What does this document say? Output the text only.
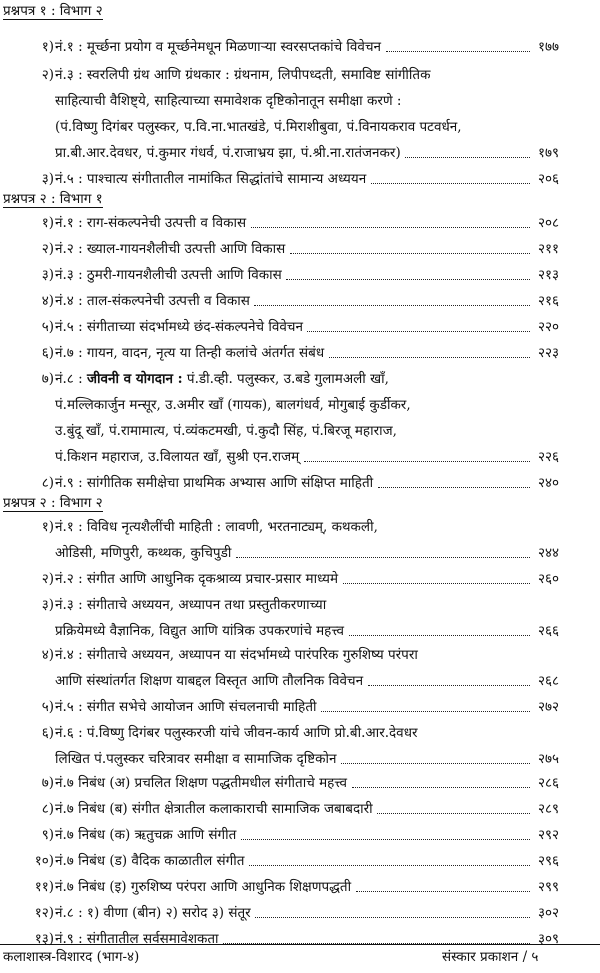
प्रश्नपत्र १ : विभाग २
१) नं.१ : मूर्च्छना प्रयोग व मूर्च्छनेमधून मिळणाऱ्या स्वरसप्तकांचे विवेचन	१७७
२) नं.३ : स्वरलिपी ग्रंथ आणि ग्रंथकार : ग्रंथनाम, लिपीपध्दती, समाविष्ट सांगीतिक
साहित्याची वैशिष्ट्ये, साहित्याच्या समावेशक दृष्टिकोनातून समीक्षा करणे :
(पं.विष्णु दिगंबर पलुस्कर, प.वि.ना.भातखंडे, पं.मिराशीबुवा, पं.विनायकराव पटवर्धन,
प्रा.बी.आर.देवधर, पं.कुमार गंधर्व, पं.राजाभ्रय झा, पं.श्री.ना.रातंजनकर)	१७९
३) नं.५ : पाश्चात्य संगीतातील नामांकित सिद्धांतांचे सामान्य अध्ययन	२०६
प्रश्नपत्र २ : विभाग १
१) नं.१ : राग-संकल्पनेची उत्पत्ती व विकास	२०८
२) नं.२ : ख्याल-गायनशैलीची उत्पत्ती आणि विकास	२११
३) नं.३ : ठुमरी-गायनशैलीची उत्पत्ती आणि विकास	२१३
४) नं.४ : ताल-संकल्पनेची उत्पत्ती व विकास	२१६
५) नं.५ : संगीताच्या संदर्भामध्ये छंद-संकल्पनेचे विवेचन	२२०
६) नं.७ : गायन, वादन, नृत्य या तिन्ही कलांचे अंतर्गत संबंध	२२३
७) नं.८ : जीवनी व योगदान : पं.डी.व्ही. पलुस्कर, उ.बडे गुलामअली खाँ,
पं.मल्लिकार्जुन मन्सूर, उ.अमीर खाँ (गायक), बालगंधर्व, मोगुबाई कुर्डीकर,
उ.बुंदू खाँ, पं.रामामात्य, पं.व्यंकटमखी, पं.कुदौ सिंह, पं.बिरजू महाराज,
पं.किशन महाराज, उ.विलायत खाँ, सुश्री एन.राजम्	२२६
८) नं.९ : सांगीतिक समीक्षेचा प्राथमिक अभ्यास आणि संक्षिप्त माहिती	२४०
प्रश्नपत्र २ : विभाग २
१) नं.१ : विविध नृत्यशैलींची माहिती : लावणी, भरतनाट्यम्, कथकली,
ओडिसी, मणिपुरी, कथ्थक, कुचिपुडी	२४४
२) नं.२ : संगीत आणि आधुनिक दृकश्राव्य प्रचार-प्रसार माध्यमे	२६०
३) नं.३ : संगीताचे अध्ययन, अध्यापन तथा प्रस्तुतीकरणाच्या
प्रक्रियेमध्ये वैज्ञानिक, विद्युत आणि यांत्रिक उपकरणांचे महत्त्व	२६६
४) नं.४ : संगीताचे अध्ययन, अध्यापन या संदर्भामध्ये पारंपरिक गुरुशिष्य परंपरा
आणि संस्थांतर्गत शिक्षण याबद्दल विस्तृत आणि तौलनिक विवेचन	२६८
५) नं.५ : संगीत सभेचे आयोजन आणि संचलनाची माहिती	२७२
६) नं.६ : पं.विष्णु दिगंबर पलुस्करजी यांचे जीवन-कार्य आणि प्रो.बी.आर.देवधर
लिखित पं.पलुस्कर चरित्रावर समीक्षा व सामाजिक दृष्टिकोन	२७५
७) नं.७ निबंध (अ) प्रचलित शिक्षण पद्धतीमधील संगीताचे महत्त्व	२८६
८) नं.७ निबंध (ब) संगीत क्षेत्रातील कलाकाराची सामाजिक जबाबदारी	२८९
९) नं.७ निबंध (क) ऋतुचक्र आणि संगीत	२९२
१०) नं.७ निबंध (ड) वैदिक काळातील संगीत	२९६
११) नं.७ निबंध (इ) गुरुशिष्य परंपरा आणि आधुनिक शिक्षणपद्धती	२९९
१२) नं.८ : १) वीणा (बीन) २) सरोद ३) संतूर	३०२
१३) नं.९ : संगीतातील सर्वसमावेशकता	३०९
कलाशास्त्र-विशारद (भाग-४)	संस्कार प्रकाशन / ५
